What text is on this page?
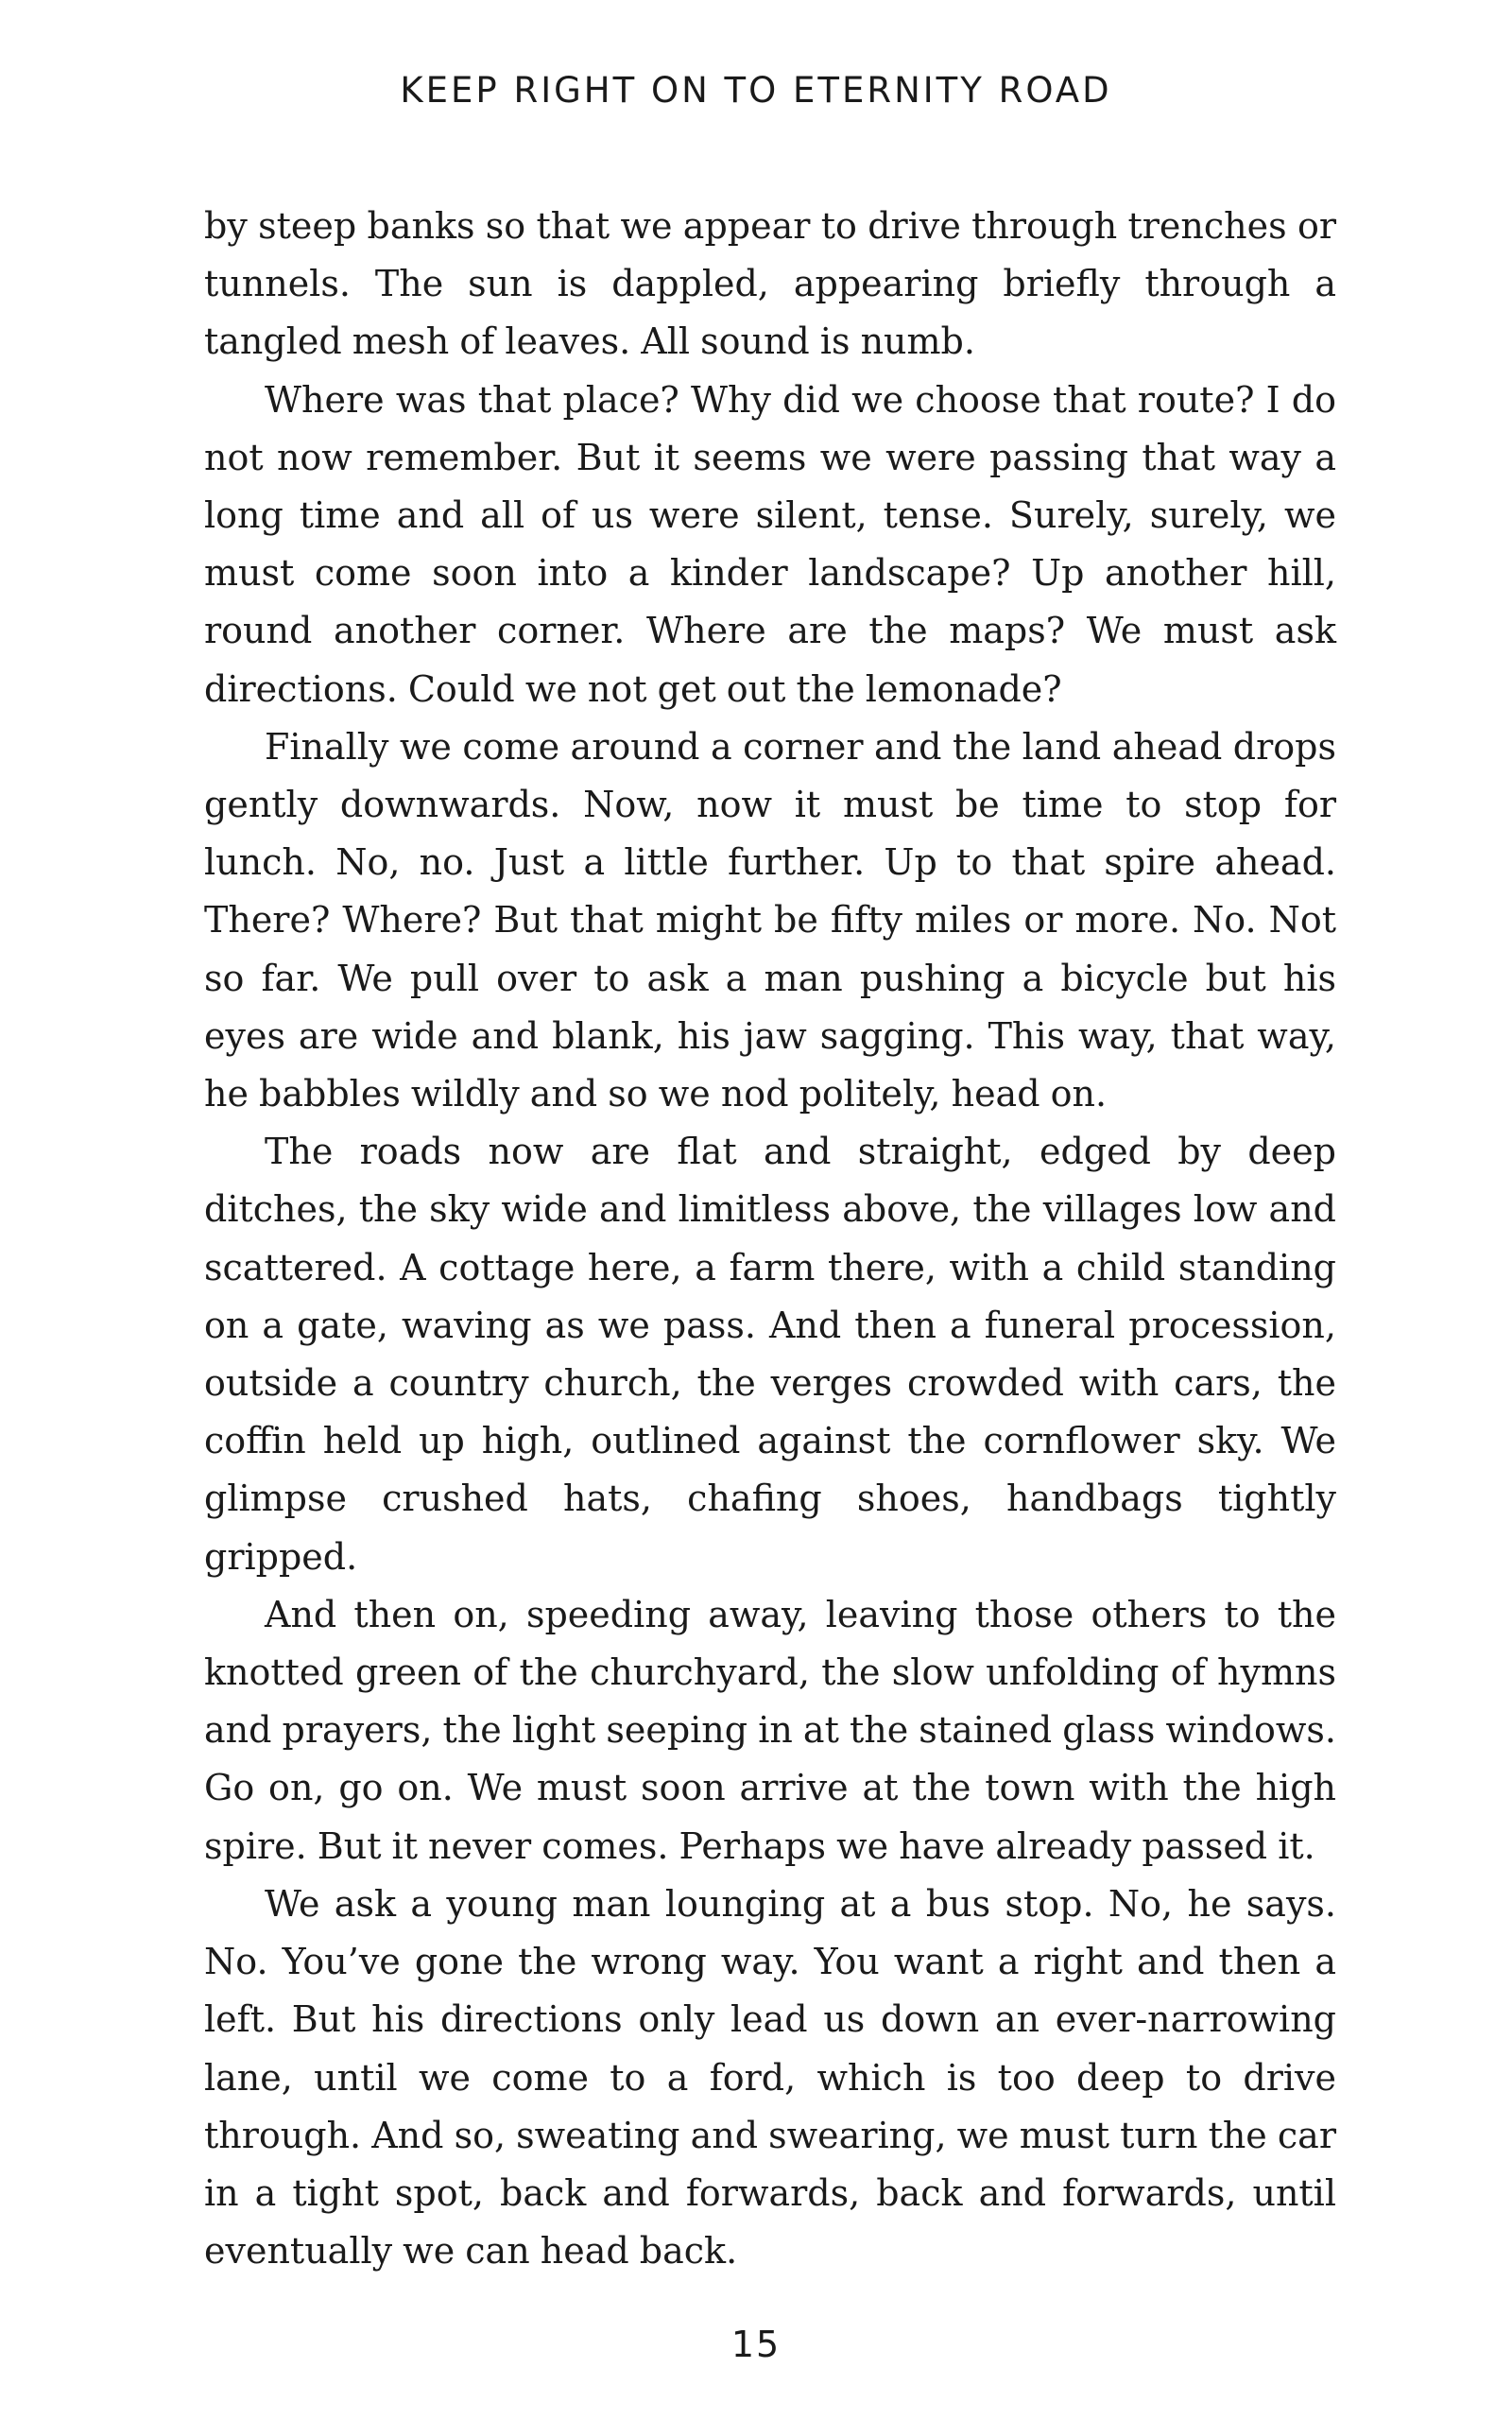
KEEP RIGHT ON TO ETERNITY ROAD

by steep banks so that we appear to drive through trenches or tunnels. The sun is dappled, appearing briefly through a tangled mesh of leaves. All sound is numb.

Where was that place? Why did we choose that route? I do not now remember. But it seems we were passing that way a long time and all of us were silent, tense. Surely, surely, we must come soon into a kinder landscape? Up another hill, round another corner. Where are the maps? We must ask directions. Could we not get out the lemonade?

Finally we come around a corner and the land ahead drops gently downwards. Now, now it must be time to stop for lunch. No, no. Just a little further. Up to that spire ahead. There? Where? But that might be fifty miles or more. No. Not so far. We pull over to ask a man pushing a bicycle but his eyes are wide and blank, his jaw sagging. This way, that way, he babbles wildly and so we nod politely, head on.

The roads now are flat and straight, edged by deep ditches, the sky wide and limitless above, the villages low and scattered. A cottage here, a farm there, with a child standing on a gate, waving as we pass. And then a funeral procession, outside a country church, the verges crowded with cars, the coffin held up high, outlined against the cornflower sky. We glimpse crushed hats, chafing shoes, handbags tightly gripped.

And then on, speeding away, leaving those others to the knotted green of the churchyard, the slow unfolding of hymns and prayers, the light seeping in at the stained glass windows. Go on, go on. We must soon arrive at the town with the high spire. But it never comes. Perhaps we have already passed it.

We ask a young man lounging at a bus stop. No, he says. No. You’ve gone the wrong way. You want a right and then a left. But his directions only lead us down an ever-narrowing lane, until we come to a ford, which is too deep to drive through. And so, sweating and swearing, we must turn the car in a tight spot, back and forwards, back and forwards, until eventually we can head back.

15
